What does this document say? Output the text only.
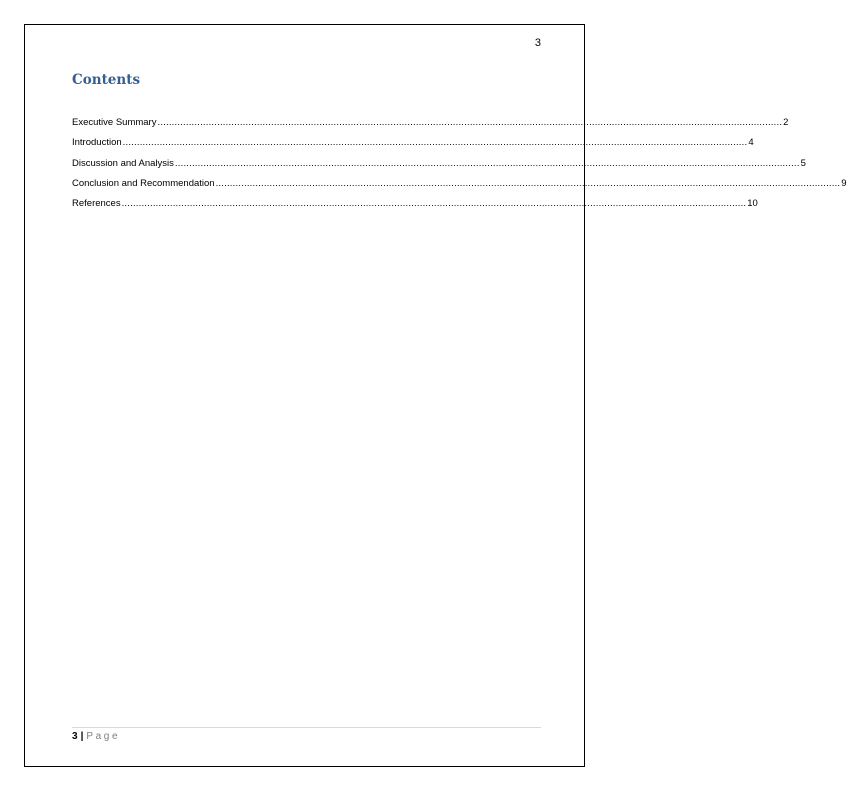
3
Contents
Executive Summary ............................................................................................................................................................................................................................ 2
Introduction ............................................................................................................................................................................................................................ 4
Discussion and Analysis ............................................................................................................................................................................................................................ 5
Conclusion and Recommendation ............................................................................................................................................................................................................................ 9
References ............................................................................................................................................................................................................................ 10
3 | Page
